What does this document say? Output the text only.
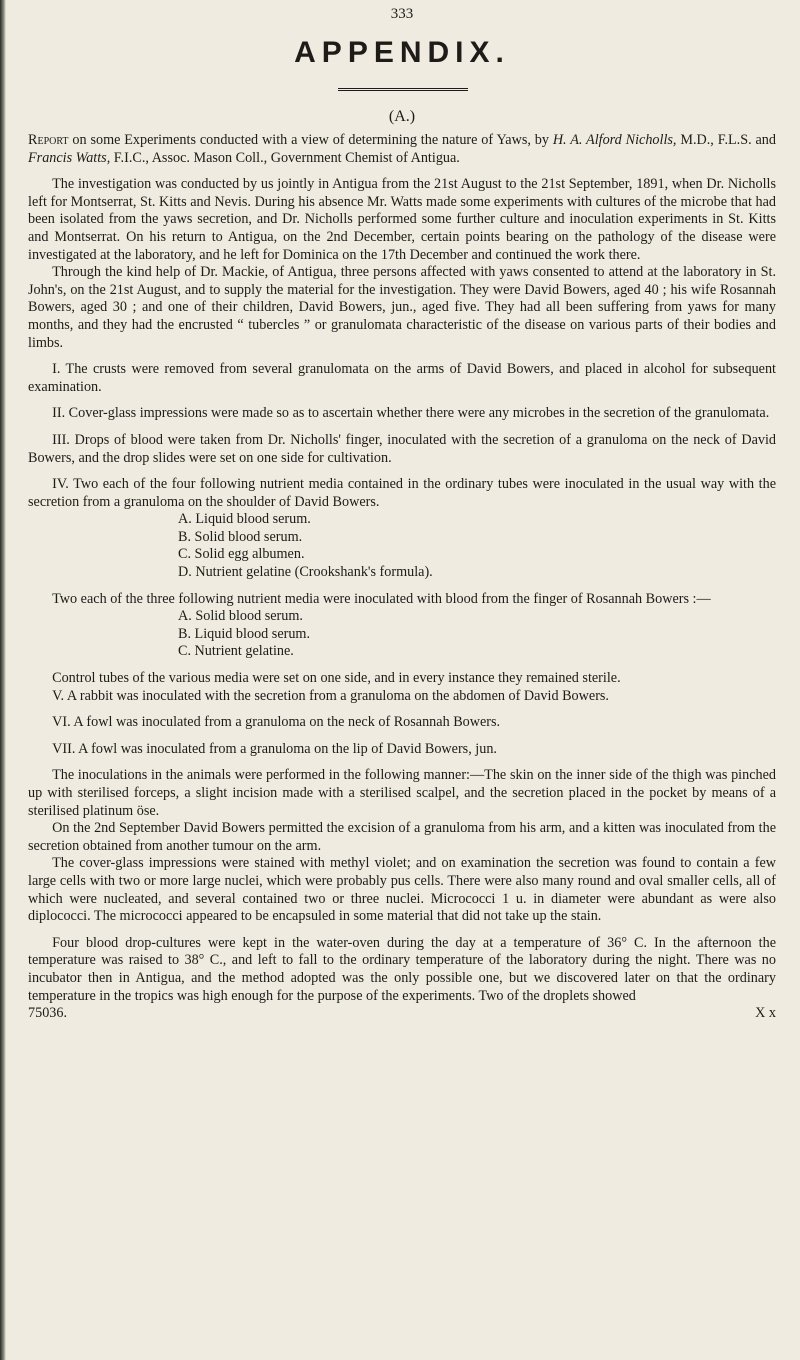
333
APPENDIX.
(A.)

Report on some Experiments conducted with a view of determining the nature of Yaws, by H. A. Alford Nicholls, M.D., F.L.S. and Francis Watts, F.I.C., Assoc. Mason Coll., Government Chemist of Antigua.

The investigation was conducted by us jointly in Antigua from the 21st August to the 21st September, 1891, when Dr. Nicholls left for Montserrat, St. Kitts and Nevis. During his absence Mr. Watts made some experiments with cultures of the microbe that had been isolated from the yaws secretion, and Dr. Nicholls performed some further culture and inoculation experiments in St. Kitts and Montserrat. On his return to Antigua, on the 2nd December, certain points bearing on the pathology of the disease were investigated at the laboratory, and he left for Dominica on the 17th December and continued the work there.

Through the kind help of Dr. Mackie, of Antigua, three persons affected with yaws consented to attend at the laboratory in St. John's, on the 21st August, and to supply the material for the investigation. They were David Bowers, aged 40 ; his wife Rosannah Bowers, aged 30 ; and one of their children, David Bowers, jun., aged five. They had all been suffering from yaws for many months, and they had the encrusted “ tubercles ” or granulomata characteristic of the disease on various parts of their bodies and limbs.

I. The crusts were removed from several granulomata on the arms of David Bowers, and placed in alcohol for subsequent examination.

II. Cover-glass impressions were made so as to ascertain whether there were any microbes in the secretion of the granulomata.

III. Drops of blood were taken from Dr. Nicholls' finger, inoculated with the secretion of a granuloma on the neck of David Bowers, and the drop slides were set on one side for cultivation.

IV. Two each of the four following nutrient media contained in the ordinary tubes were inoculated in the usual way with the secretion from a granuloma on the shoulder of David Bowers.

A. Liquid blood serum.
B. Solid blood serum.
C. Solid egg albumen.
D. Nutrient gelatine (Crookshank's formula).

Two each of the three following nutrient media were inoculated with blood from the finger of Rosannah Bowers :—

A. Solid blood serum.
B. Liquid blood serum.
C. Nutrient gelatine.

Control tubes of the various media were set on one side, and in every instance they remained sterile.

V. A rabbit was inoculated with the secretion from a granuloma on the abdomen of David Bowers.

VI. A fowl was inoculated from a granuloma on the neck of Rosannah Bowers.

VII. A fowl was inoculated from a granuloma on the lip of David Bowers, jun.

The inoculations in the animals were performed in the following manner:—The skin on the inner side of the thigh was pinched up with sterilised forceps, a slight incision made with a sterilised scalpel, and the secretion placed in the pocket by means of a sterilised platinum öse.

On the 2nd September David Bowers permitted the excision of a granuloma from his arm, and a kitten was inoculated from the secretion obtained from another tumour on the arm.

The cover-glass impressions were stained with methyl violet; and on examination the secretion was found to contain a few large cells with two or more large nuclei, which were probably pus cells. There were also many round and oval smaller cells, all of which were nucleated, and several contained two or three nuclei. Micrococci 1 u. in diameter were abundant as were also diplococci. The micrococci appeared to be encapsuled in some material that did not take up the stain.

Four blood drop-cultures were kept in the water-oven during the day at a temperature of 36° C. In the afternoon the temperature was raised to 38° C., and left to fall to the ordinary temperature of the laboratory during the night. There was no incubator then in Antigua, and the method adopted was the only possible one, but we discovered later on that the ordinary temperature in the tropics was high enough for the purpose of the experiments. Two of the droplets showed

75036.	X x
